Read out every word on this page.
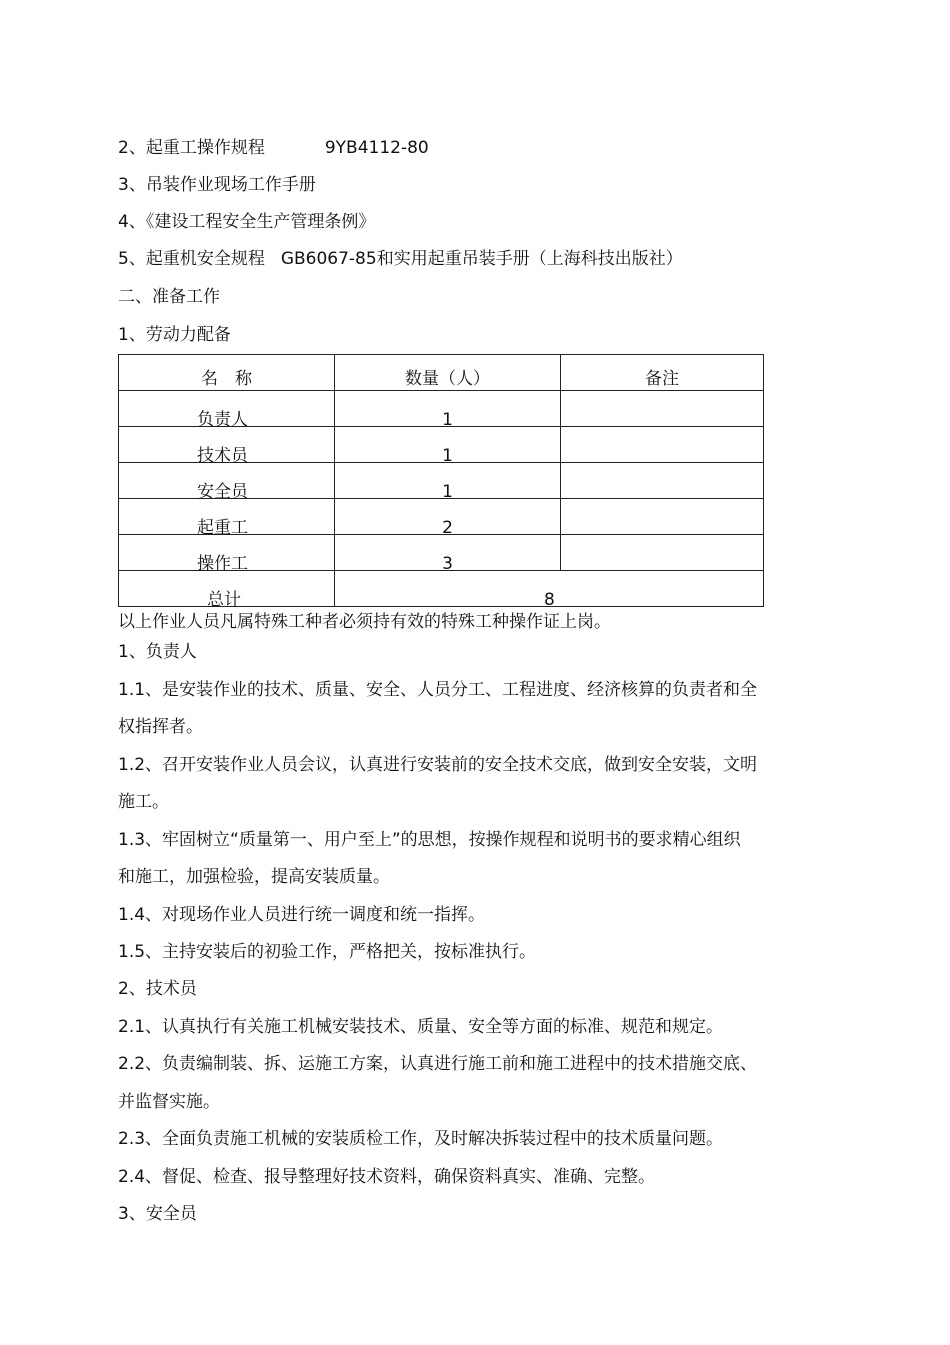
2、起重工操作规程	9YB4112-80
3、吊装作业现场工作手册
4、《建设工程安全生产管理条例》
5、起重机安全规程 GB6067-85和实用起重吊装手册（上海科技出版社）
二、准备工作
1、劳动力配备
名　称	数量（人）	备注

负责人	1	

技术员	1	

安全员	1	

起重工	2	

操作工	3	

总计	8	
以上作业人员凡属特殊工种者必须持有效的特殊工种操作证上岗。
1、负责人
1.1、是安装作业的技术、质量、安全、人员分工、工程进度、经济核算的负责者和全
权指挥者。
1.2、召开安装作业人员会议，认真进行安装前的安全技术交底，做到安全安装，文明
施工。
1.3、牢固树立“质量第一、用户至上”的思想，按操作规程和说明书的要求精心组织
和施工，加强检验，提高安装质量。
1.4、对现场作业人员进行统一调度和统一指挥。
1.5、主持安装后的初验工作，严格把关，按标准执行。
2、技术员
2.1、认真执行有关施工机械安装技术、质量、安全等方面的标准、规范和规定。
2.2、负责编制装、拆、运施工方案，认真进行施工前和施工进程中的技术措施交底、
并监督实施。
2.3、全面负责施工机械的安装质检工作，及时解决拆装过程中的技术质量问题。
2.4、督促、检查、报导整理好技术资料，确保资料真实、准确、完整。
3、安全员
